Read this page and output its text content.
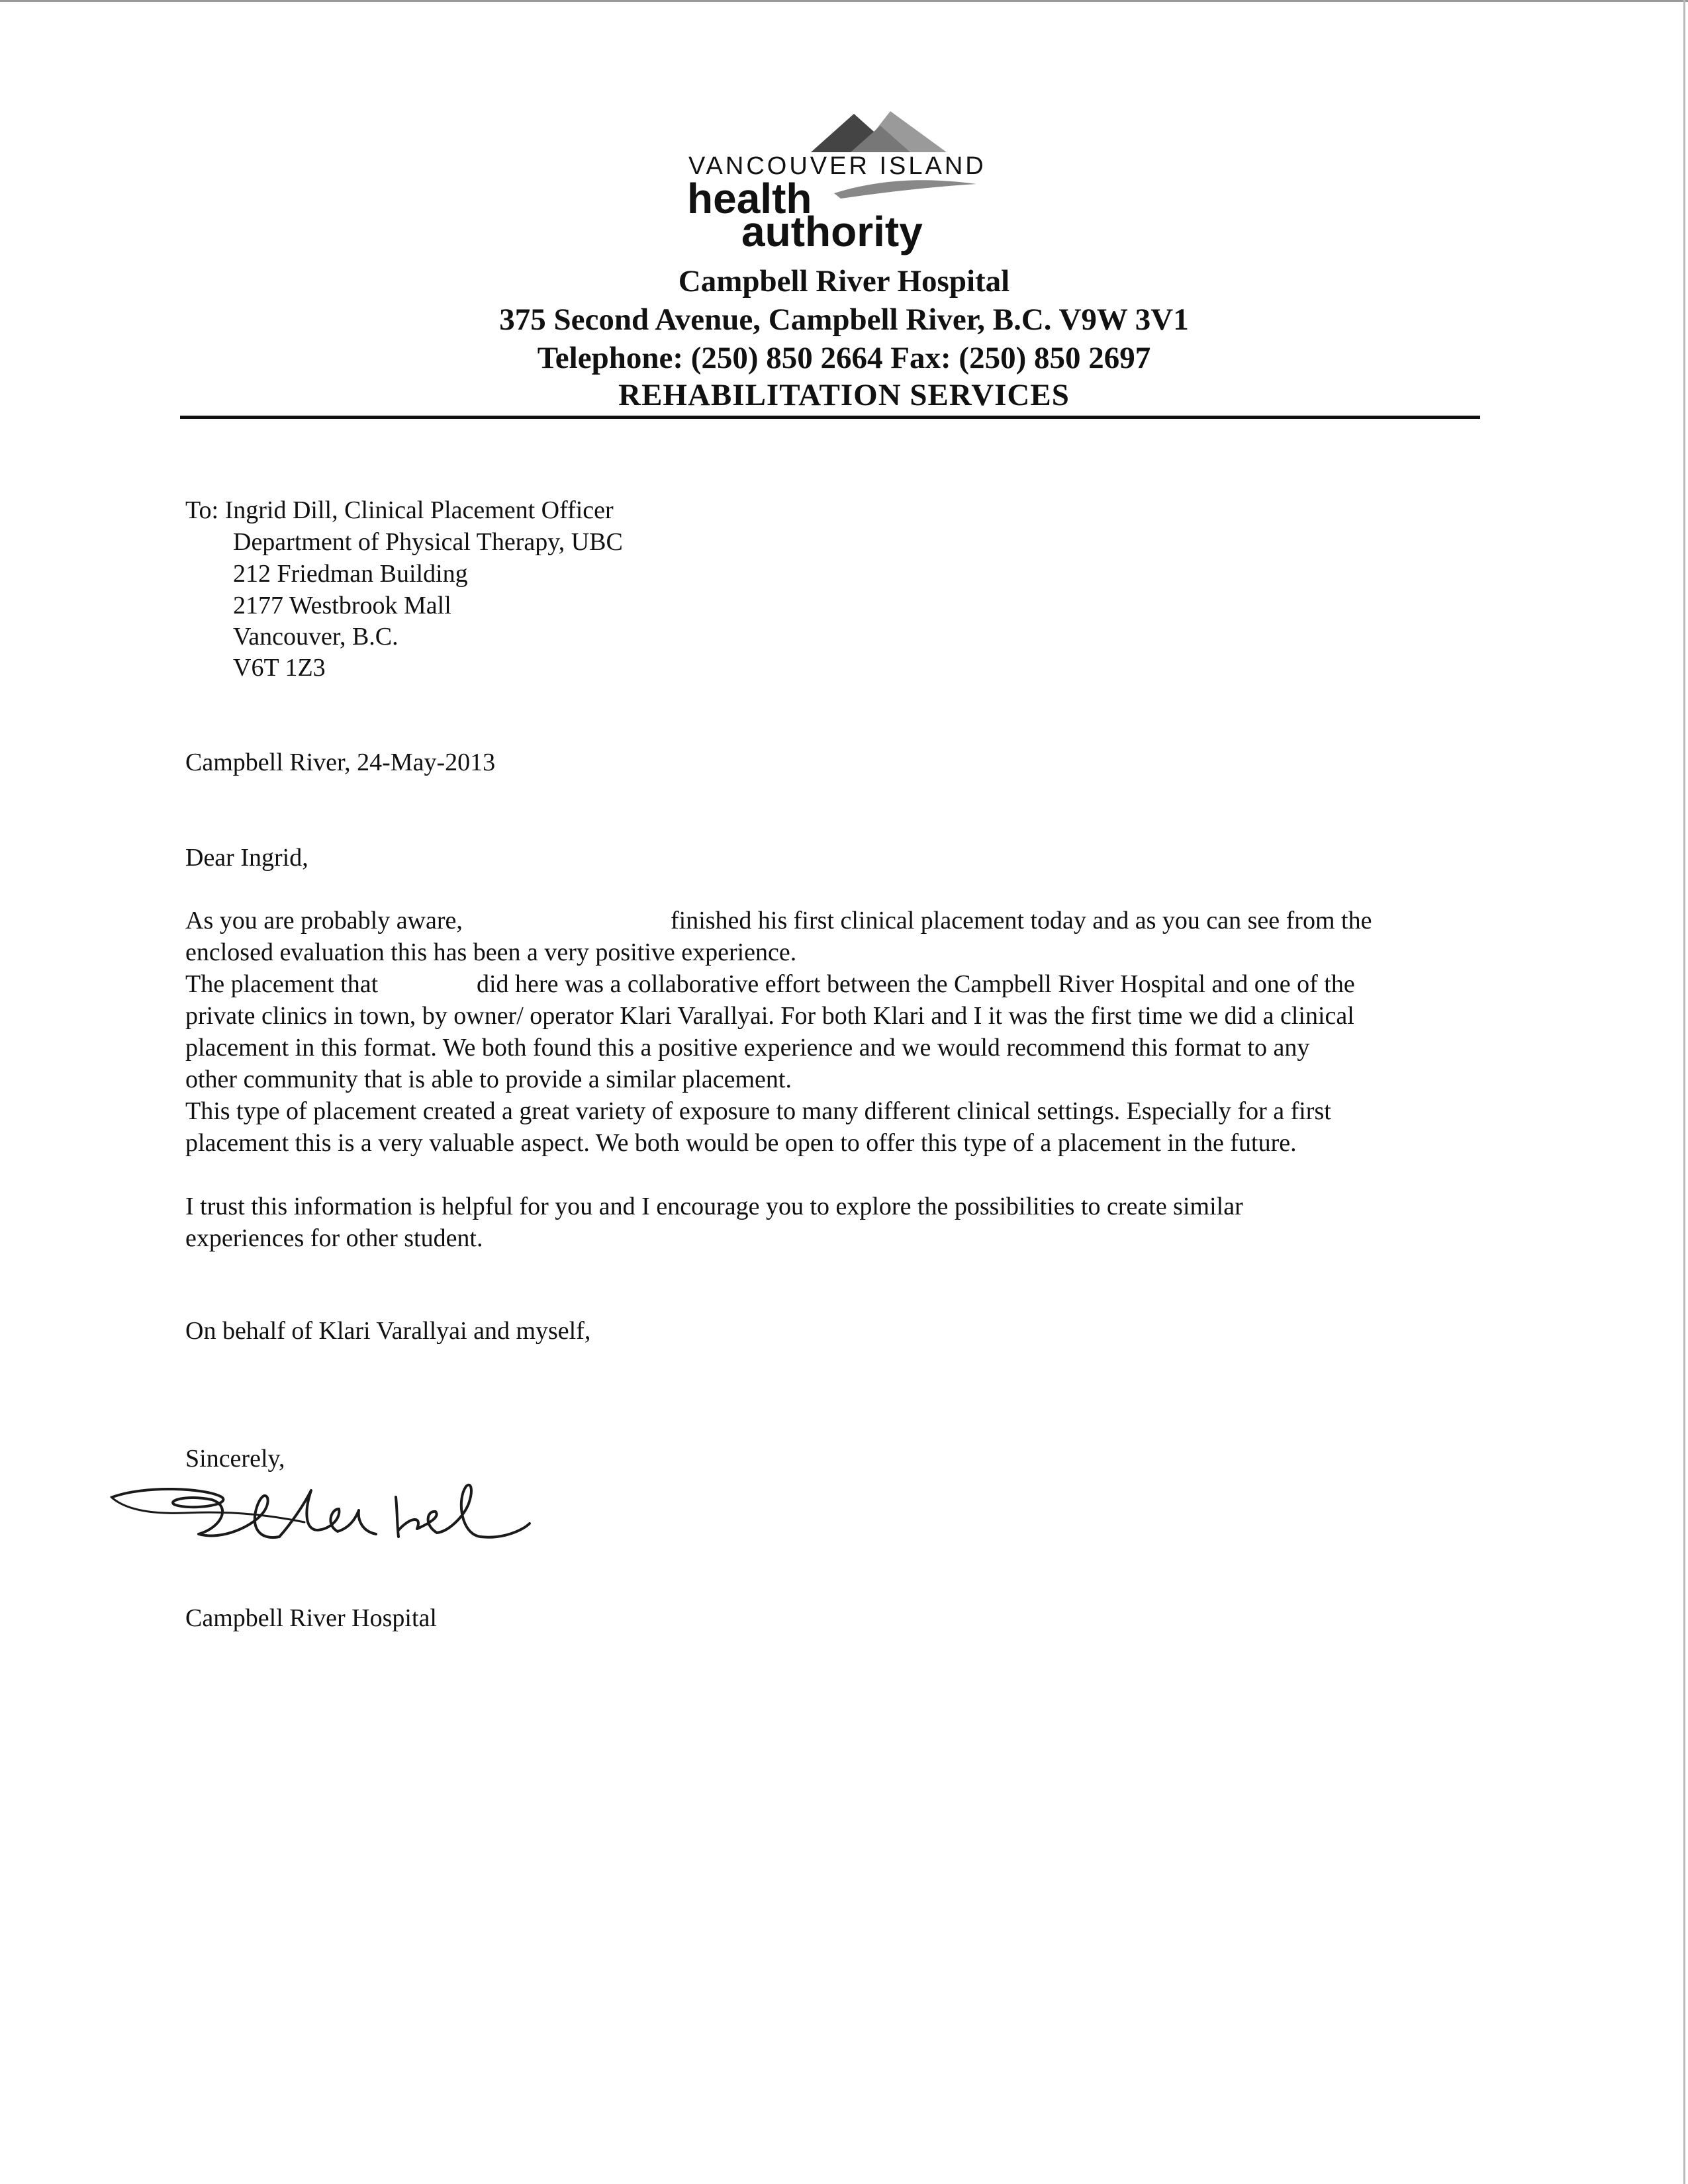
VANCOUVER ISLAND
health
authority
Campbell River Hospital
375 Second Avenue, Campbell River, B.C. V9W 3V1
Telephone: (250) 850 2664 Fax: (250) 850 2697
REHABILITATION SERVICES
To: Ingrid Dill, Clinical Placement Officer
Department of Physical Therapy, UBC
212 Friedman Building
2177 Westbrook Mall
Vancouver, B.C.
V6T 1Z3
Campbell River, 24-May-2013
Dear Ingrid,
As you are probably aware,	finished his first clinical placement today and as you can see from the
enclosed evaluation this has been a very positive experience.
The placement that	did here was a collaborative effort between the Campbell River Hospital and one of the
private clinics in town, by owner/ operator Klari Varallyai. For both Klari and I it was the first time we did a clinical
placement in this format. We both found this a positive experience and we would recommend this format to any
other community that is able to provide a similar placement.
This type of placement created a great variety of exposure to many different clinical settings. Especially for a first
placement this is a very valuable aspect. We both would be open to offer this type of a placement in the future.
I trust this information is helpful for you and I encourage you to explore the possibilities to create similar
experiences for other student.
On behalf of Klari Varallyai and myself,
Sincerely,
Campbell River Hospital
